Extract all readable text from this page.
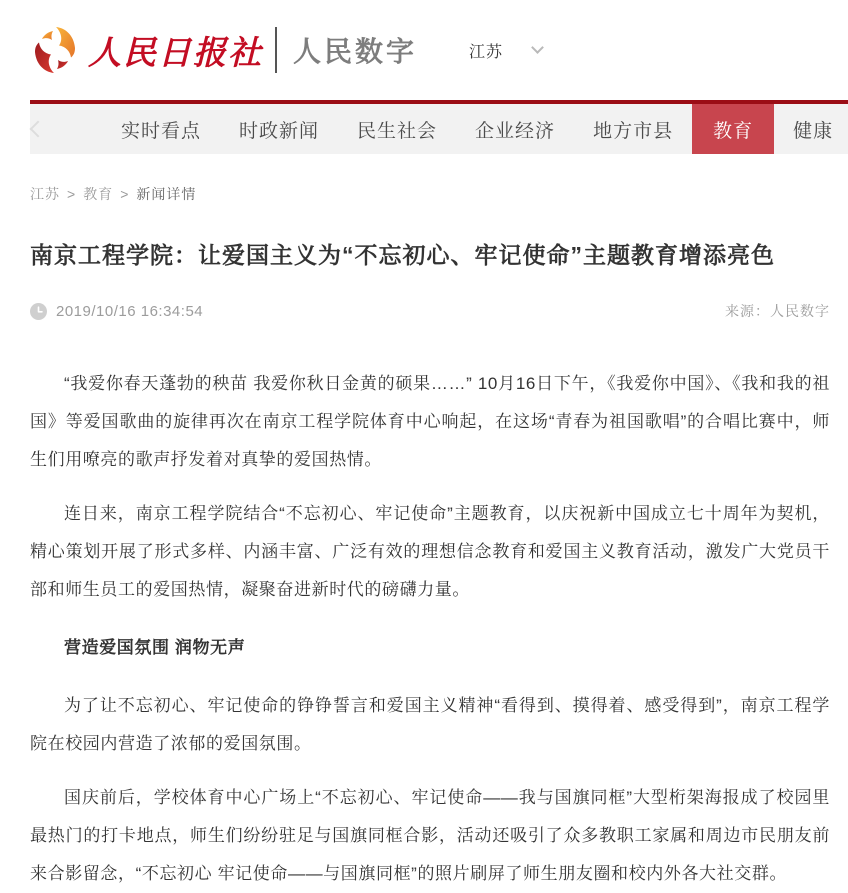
人民日报社 人民数字	江苏
实时看点	时政新闻	民生社会	企业经济	地方市县	教育	健康
江苏 > 教育 > 新闻详情
南京工程学院：让爱国主义为“不忘初心、牢记使命”主题教育增添亮色
2019/10/16 16:34:54	来源：人民数字

“我爱你春天蓬勃的秧苗 我爱你秋日金黄的硕果……” 10月16日下午，《我爱你中国》、《我和我的祖国》等爱国歌曲的旋律再次在南京工程学院体育中心响起，在这场“青春为祖国歌唱”的合唱比赛中，师生们用嘹亮的歌声抒发着对真挚的爱国热情。

连日来，南京工程学院结合“不忘初心、牢记使命”主题教育，以庆祝新中国成立七十周年为契机，精心策划开展了形式多样、内涵丰富、广泛有效的理想信念教育和爱国主义教育活动，激发广大党员干部和师生员工的爱国热情，凝聚奋进新时代的磅礴力量。

营造爱国氛围 润物无声

为了让不忘初心、牢记使命的铮铮誓言和爱国主义精神“看得到、摸得着、感受得到”，南京工程学院在校园内营造了浓郁的爱国氛围。

国庆前后，学校体育中心广场上“不忘初心、牢记使命——我与国旗同框”大型桁架海报成了校园里最热门的打卡地点，师生们纷纷驻足与国旗同框合影，活动还吸引了众多教职工家属和周边市民朋友前来合影留念，“不忘初心 牢记使命——与国旗同框”的照片刷屏了师生朋友圈和校内外各大社交群。
